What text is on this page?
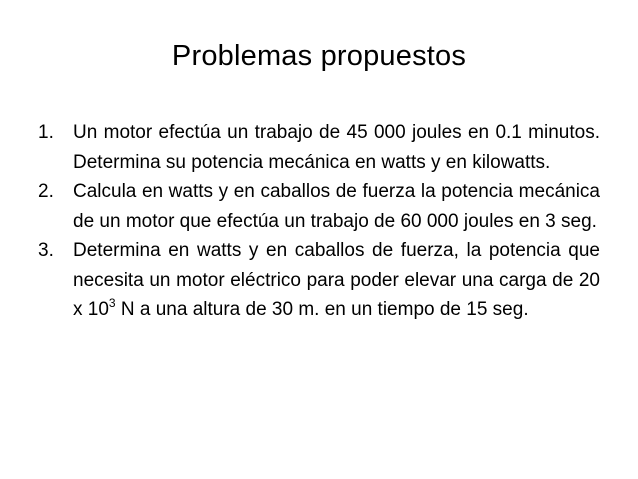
Problemas propuestos
1.	Un motor efectúa un trabajo de 45 000 joules en 0.1 minutos. Determina su potencia mecánica en watts y en kilowatts.
2.	Calcula en watts y en caballos de fuerza la potencia mecánica de un motor que efectúa un trabajo de 60 000 joules en 3 seg.
3.	Determina en watts y en caballos de fuerza, la potencia que necesita un motor eléctrico para poder elevar una carga de 20 x $10^3$ N a una altura de 30 m. en un tiempo de 15 seg.
